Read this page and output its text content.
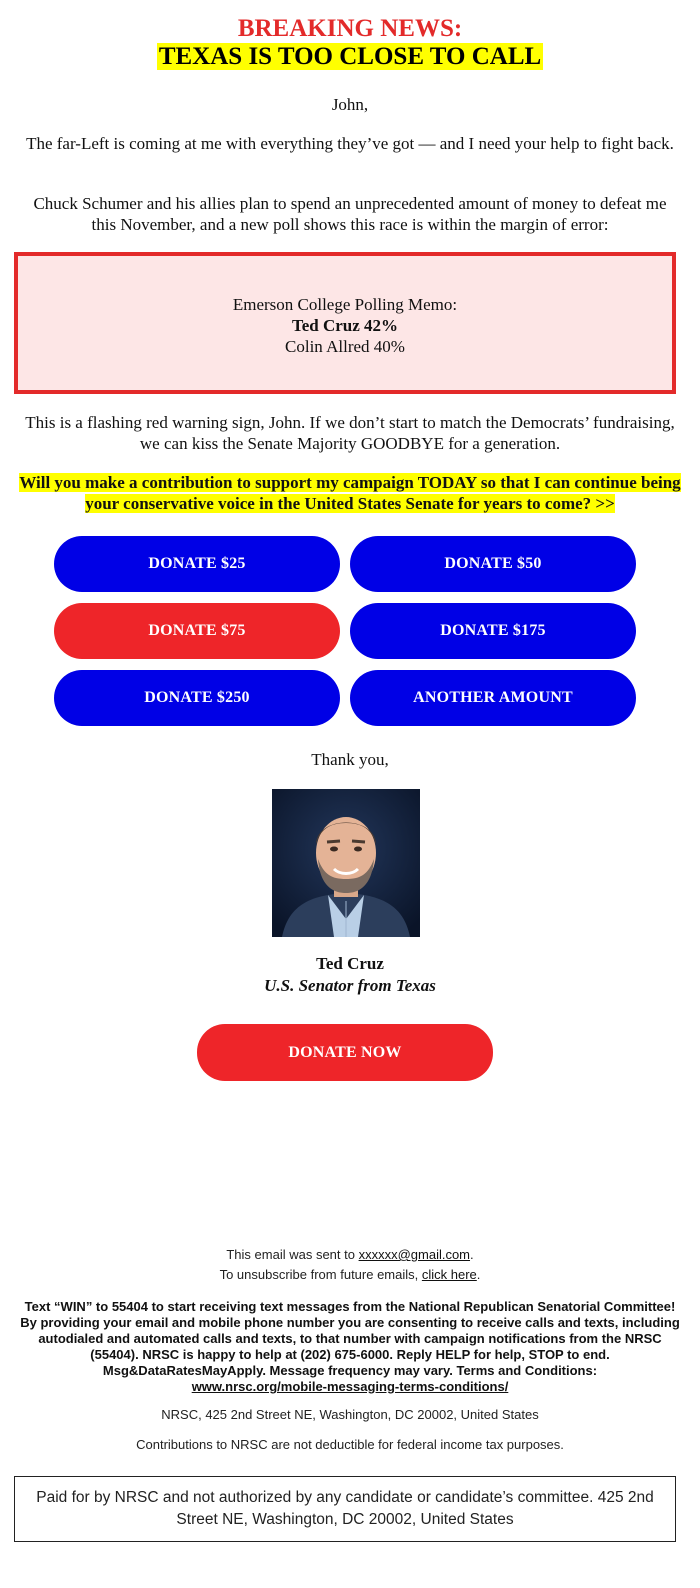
BREAKING NEWS:
TEXAS IS TOO CLOSE TO CALL
John,
The far-Left is coming at me with everything they’ve got — and I need your help to fight back.
Chuck Schumer and his allies plan to spend an unprecedented amount of money to defeat me this November, and a new poll shows this race is within the margin of error:
Emerson College Polling Memo:
Ted Cruz 42%
Colin Allred 40%
This is a flashing red warning sign, John. If we don’t start to match the Democrats’ fundraising, we can kiss the Senate Majority GOODBYE for a generation.
Will you make a contribution to support my campaign TODAY so that I can continue being your conservative voice in the United States Senate for years to come? >>
DONATE $25	DONATE $50
DONATE $75	DONATE $175
DONATE $250	ANOTHER AMOUNT
Thank you,
Ted Cruz
U.S. Senator from Texas
DONATE NOW
This email was sent to xxxxxx@gmail.com.
To unsubscribe from future emails, click here.
Text “WIN” to 55404 to start receiving text messages from the National Republican Senatorial Committee! By providing your email and mobile phone number you are consenting to receive calls and texts, including autodialed and automated calls and texts, to that number with campaign notifications from the NRSC (55404). NRSC is happy to help at (202) 675-6000. Reply HELP for help, STOP to end. Msg&DataRatesMayApply. Message frequency may vary. Terms and Conditions:
www.nrsc.org/mobile-messaging-terms-conditions/
NRSC, 425 2nd Street NE, Washington, DC 20002, United States
Contributions to NRSC are not deductible for federal income tax purposes.
Paid for by NRSC and not authorized by any candidate or candidate’s committee. 425 2nd Street NE, Washington, DC 20002, United States
